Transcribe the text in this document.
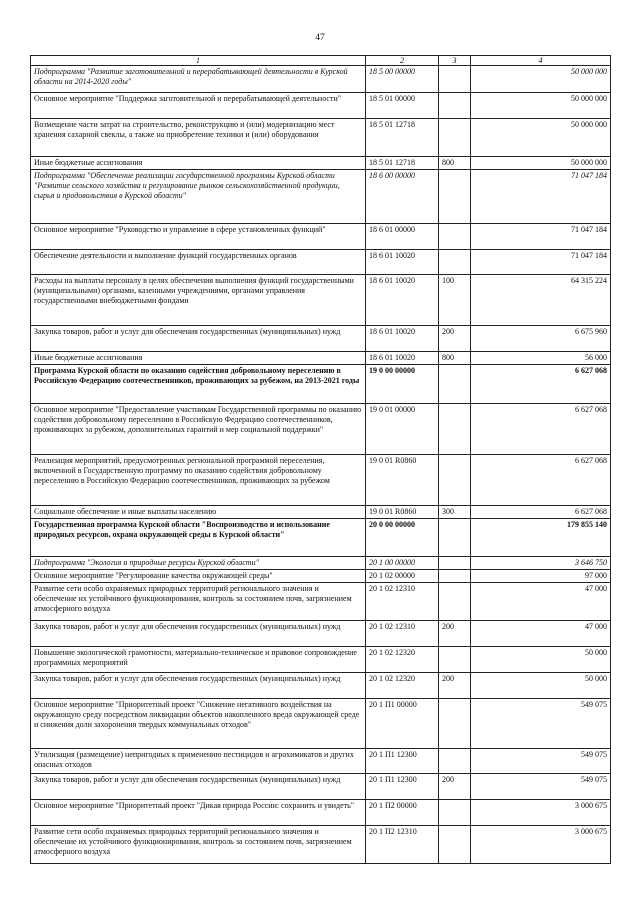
47
1	2	3	4
Подпрограмма "Развитие заготовительной и перерабатывающей деятельности в Курской области на 2014-2020 годы"	18 5 00 00000		50 000 000
Основное мероприятие "Поддержка заготовительной и перерабатывающей деятельности"	18 5 01 00000		50 000 000
Возмещение части затрат на строительство, реконструкцию и (или) модернизацию мест хранения сахарной свеклы, а также на приобретение техники и (или) оборудования	18 5 01 12718		50 000 000
Иные бюджетные ассигнования	18 5 01 12718	800	50 000 000
Подпрограмма "Обеспечение реализации государственной программы Курской области "Развитие сельского хозяйства и регулирование рынков сельскохозяйственной продукции, сырья и продовольствия в Курской области"	18 6 00 00000		71 047 184
Основное мероприятие "Руководство и управление в сфере установленных функций"	18 6 01 00000		71 047 184
Обеспечение деятельности и выполнение функций государственных органов	18 6 01 10020		71 047 184
Расходы на выплаты персоналу в целях обеспечения выполнения функций государственными (муниципальными) органами, казенными учреждениями, органами управления государственными внебюджетными фондами	18 6 01 10020	100	64 315 224
Закупка товаров, работ и услуг для обеспечения государственных (муниципальных) нужд	18 6 01 10020	200	6 675 960
Иные бюджетные ассигнования	18 6 01 10020	800	56 000
Программа Курской области по оказанию содействия добровольному переселению в Российскую Федерацию соотечественников, проживающих за рубежом, на 2013-2021 годы	19 0 00 00000		6 627 068
Основное мероприятие "Предоставление участникам Государственной программы по оказанию содействия добровольному переселению в Российскую Федерацию соотечественников, проживающих за рубежом, дополнительных гарантий и мер социальной поддержки"	19 0 01 00000		6 627 068
Реализация мероприятий, предусмотренных региональной программой переселения, включенной в Государственную программу по оказанию содействия добровольному переселению в Российскую Федерацию соотечественников, проживающих за рубежом	19 0 01 R0860		6 627 068
Социальное обеспечение и иные выплаты населению	19 0 01 R0860	300	6 627 068
Государственная программа Курской области "Воспроизводство и использование природных ресурсов, охрана окружающей среды в Курской области"	20 0 00 00000		179 855 140
Подпрограмма "Экология и природные ресурсы Курской области"	20 1 00 00000		3 646 750
Основное мероприятие "Регулирование качества окружающей среды"	20 1 02 00000		97 000
Развитие сети особо охраняемых природных территорий регионального значения и обеспечение их устойчивого функционирования, контроль за состоянием почв, загрязнением атмосферного воздуха	20 1 02 12310		47 000
Закупка товаров, работ и услуг для обеспечения государственных (муниципальных) нужд	20 1 02 12310	200	47 000
Повышение экологической грамотности, материально-техническое и правовое сопровождение программных мероприятий	20 1 02 12320		50 000
Закупка товаров, работ и услуг для обеспечения государственных (муниципальных) нужд	20 1 02 12320	200	50 000
Основное мероприятие "Приоритетный проект "Снижение негативного воздействия на окружающую среду посредством ликвидации объектов накопленного вреда окружающей среде и снижения доли захоронения твердых коммунальных отходов"	20 1 П1 00000		549 075
Утилизация (размещение) непригодных к применению пестицидов и агрохимикатов и других опасных отходов	20 1 П1 12300		549 075
Закупка товаров, работ и услуг для обеспечения государственных (муниципальных) нужд	20 1 П1 12300	200	549 075
Основное мероприятие "Приоритетный проект "Дикая природа России: сохранить и увидеть"	20 1 П2 00000		3 000 675
Развитие сети особо охраняемых природных территорий регионального значения и обеспечение их устойчивого функционирования, контроль за состоянием почв, загрязнением атмосферного воздуха	20 1 П2 12310		3 000 675
